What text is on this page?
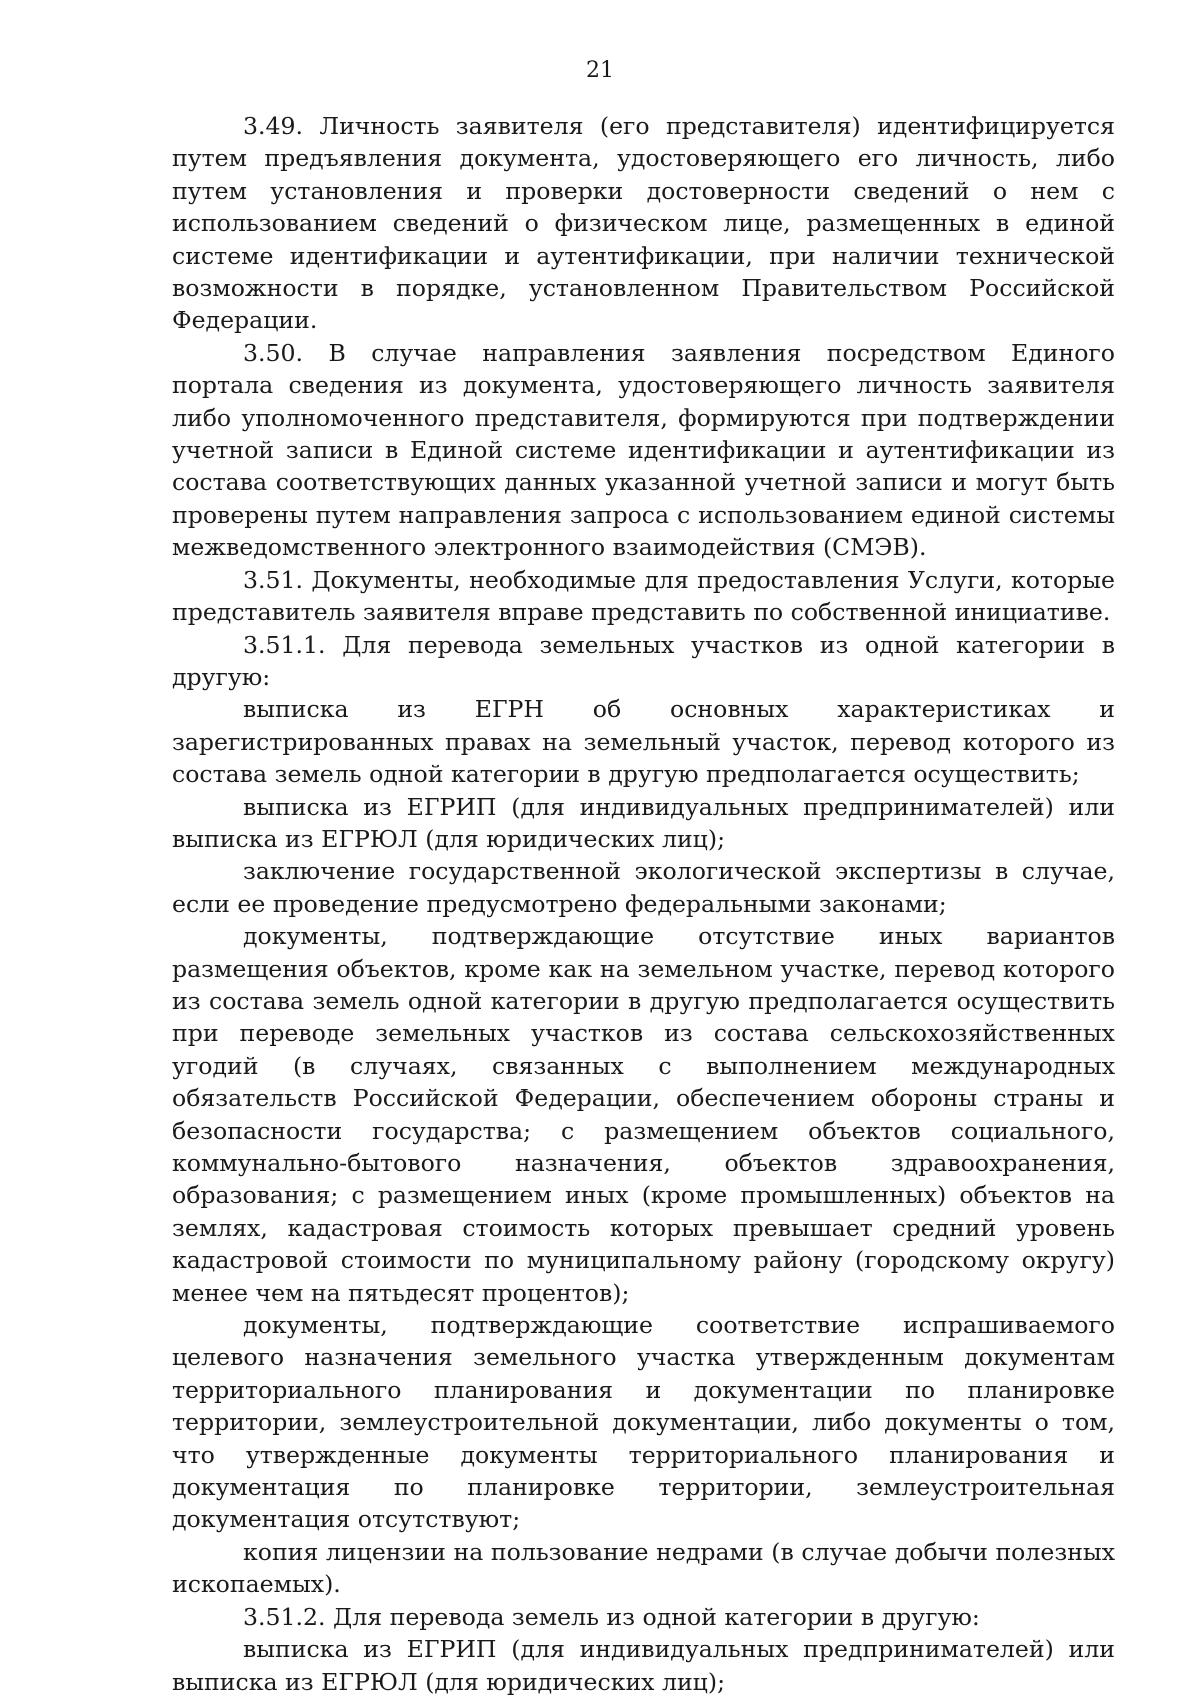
21

3.49. Личность заявителя (его представителя) идентифицируется путем предъявления документа, удостоверяющего его личность, либо путем установления и проверки достоверности сведений о нем с использованием сведений о физическом лице, размещенных в единой системе идентификации и аутентификации, при наличии технической возможности в порядке, установленном Правительством Российской Федерации.

3.50. В случае направления заявления посредством Единого портала сведения из документа, удостоверяющего личность заявителя либо уполномоченного представителя, формируются при подтверждении учетной записи в Единой системе идентификации и аутентификации из состава соответствующих данных указанной учетной записи и могут быть проверены путем направления запроса с использованием единой системы межведомственного электронного взаимодействия (СМЭВ).

3.51. Документы, необходимые для предоставления Услуги, которые представитель заявителя вправе представить по собственной инициативе.

3.51.1. Для перевода земельных участков из одной категории в другую:

выписка из ЕГРН об основных характеристиках и зарегистрированных правах на земельный участок, перевод которого из состава земель одной категории в другую предполагается осуществить;

выписка из ЕГРИП (для индивидуальных предпринимателей) или выписка из ЕГРЮЛ (для юридических лиц);

заключение государственной экологической экспертизы в случае, если ее проведение предусмотрено федеральными законами;

документы, подтверждающие отсутствие иных вариантов размещения объектов, кроме как на земельном участке, перевод которого из состава земель одной категории в другую предполагается осуществить при переводе земельных участков из состава сельскохозяйственных угодий (в случаях, связанных с выполнением международных обязательств Российской Федерации, обеспечением обороны страны и безопасности государства; с размещением объектов социального, коммунально-бытового назначения, объектов здравоохранения, образования; с размещением иных (кроме промышленных) объектов на землях, кадастровая стоимость которых превышает средний уровень кадастровой стоимости по муниципальному району (городскому округу) менее чем на пятьдесят процентов);

документы, подтверждающие соответствие испрашиваемого целевого назначения земельного участка утвержденным документам территориального планирования и документации по планировке территории, землеустроительной документации, либо документы о том, что утвержденные документы территориального планирования и документация по планировке территории, землеустроительная документация отсутствуют;

копия лицензии на пользование недрами (в случае добычи полезных ископаемых).

3.51.2. Для перевода земель из одной категории в другую:

выписка из ЕГРИП (для индивидуальных предпринимателей) или выписка из ЕГРЮЛ (для юридических лиц);
